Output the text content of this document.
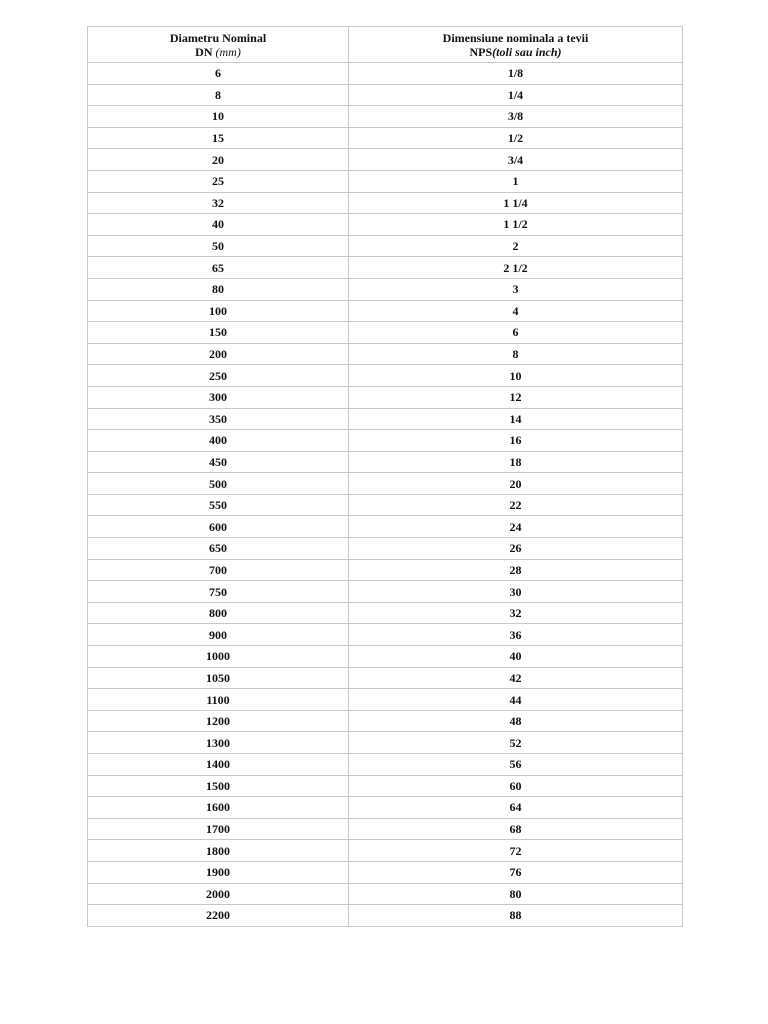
Diametru Nominal
DN (mm)	Dimensiune nominala a tevii
NPS(toli sau inch)
6	1/8
8	1/4
10	3/8
15	1/2
20	3/4
25	1
32	1 1/4
40	1 1/2
50	2
65	2 1/2
80	3
100	4
150	6
200	8
250	10
300	12
350	14
400	16
450	18
500	20
550	22
600	24
650	26
700	28
750	30
800	32
900	36
1000	40
1050	42
1100	44
1200	48
1300	52
1400	56
1500	60
1600	64
1700	68
1800	72
1900	76
2000	80
2200	88
